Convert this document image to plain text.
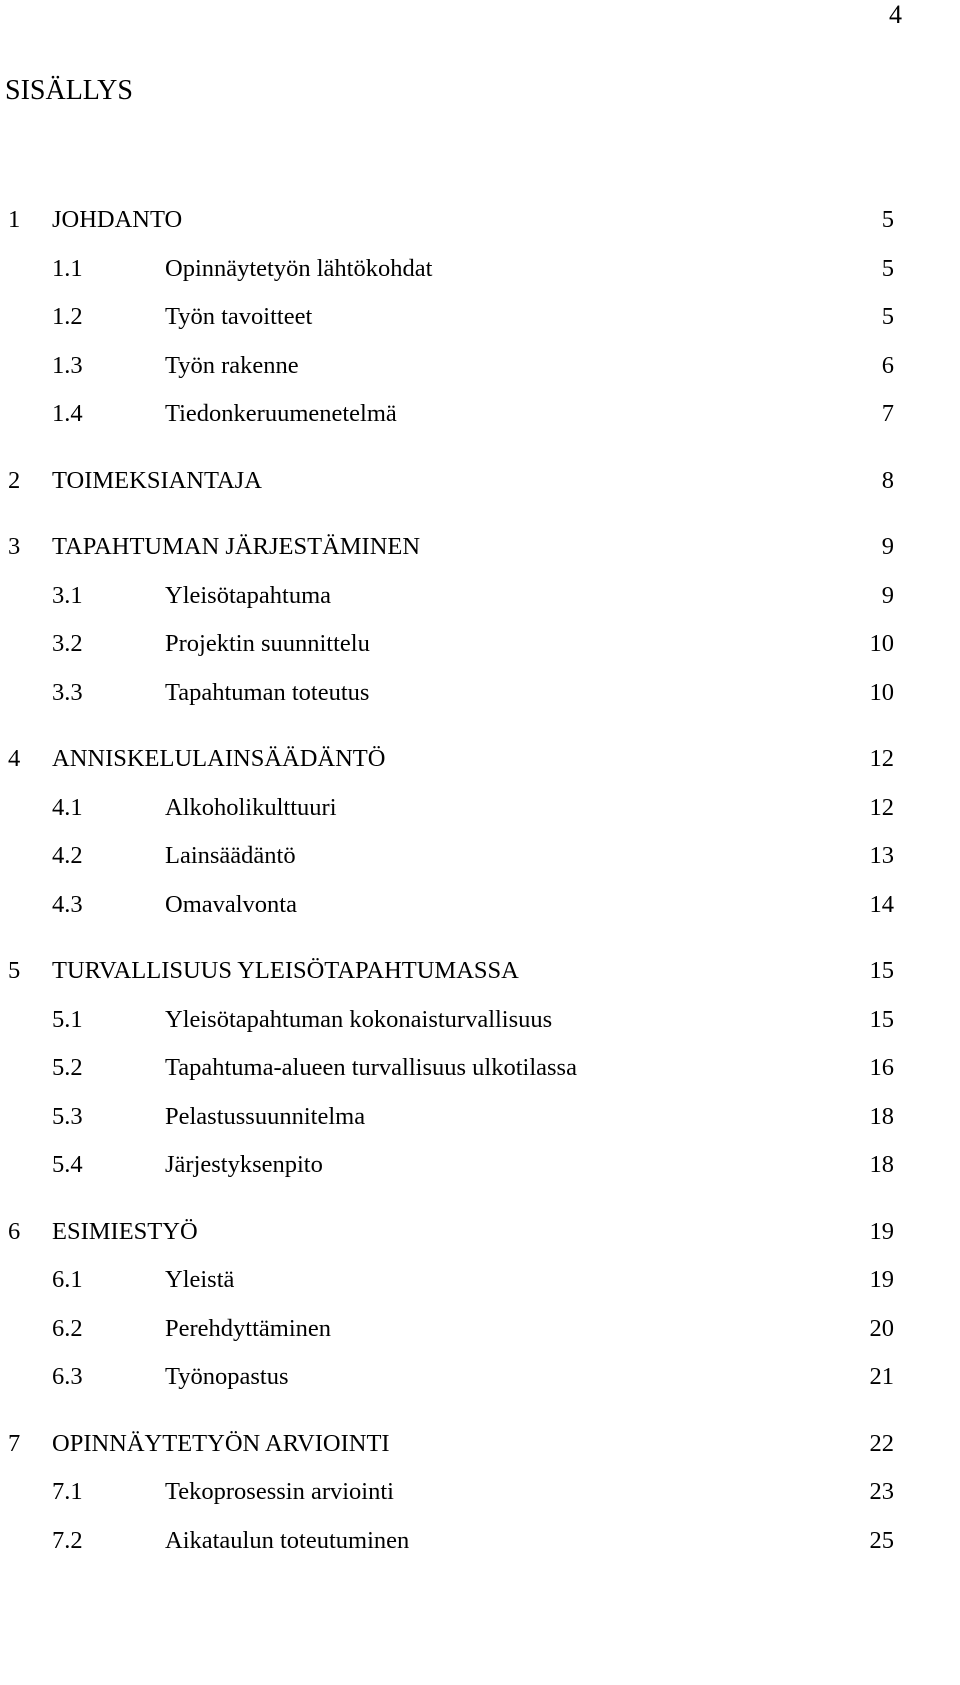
4
SISÄLLYS
1 JOHDANTO	5
1.1	Opinnäytetyön lähtökohdat	5
1.2	Työn tavoitteet	5
1.3	Työn rakenne	6
1.4	Tiedonkeruumenetelmä	7
2 TOIMEKSIANTAJA	8
3 TAPAHTUMAN JÄRJESTÄMINEN	9
3.1	Yleisötapahtuma	9
3.2	Projektin suunnittelu	10
3.3	Tapahtuman toteutus	10
4 ANNISKELULAINSÄÄDÄNTÖ	12
4.1	Alkoholikulttuuri	12
4.2	Lainsäädäntö	13
4.3	Omavalvonta	14
5 TURVALLISUUS YLEISÖTAPAHTUMASSA	15
5.1	Yleisötapahtuman kokonaisturvallisuus	15
5.2	Tapahtuma-alueen turvallisuus ulkotilassa	16
5.3	Pelastussuunnitelma	18
5.4	Järjestyksenpito	18
6 ESIMIESTYÖ	19
6.1	Yleistä	19
6.2	Perehdyttäminen	20
6.3	Työnopastus	21
7 OPINNÄYTETYÖN ARVIOINTI	22
7.1	Tekoprosessin arviointi	23
7.2	Aikataulun toteutuminen	25
